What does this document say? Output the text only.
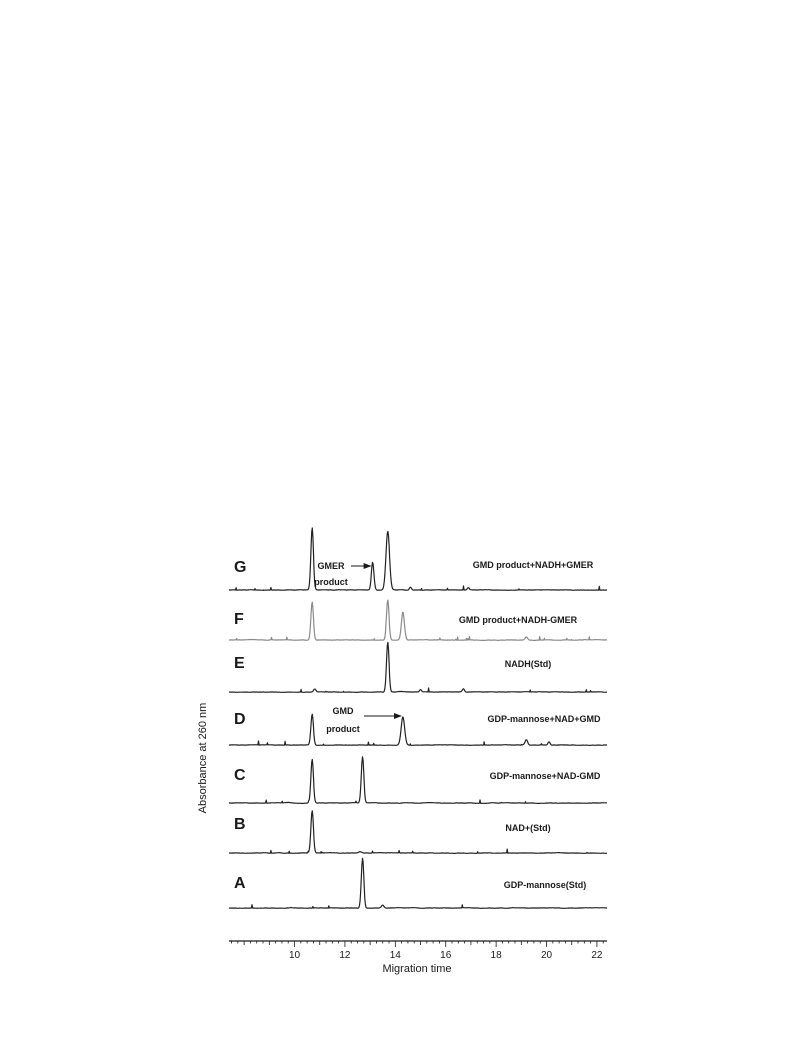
A	GDP-mannose(Std)
B	NAD+(Std)
C	GDP-mannose+NAD-GMD
D	GDP-mannose+NAD+GMD
GMD
product
E	NADH(Std)
F	GMD product+NADH-GMER
G	GMD product+NADH+GMER
GMER
product
10	12	14	16	18	20	22
Migration time
Absorbance at 260 nm
